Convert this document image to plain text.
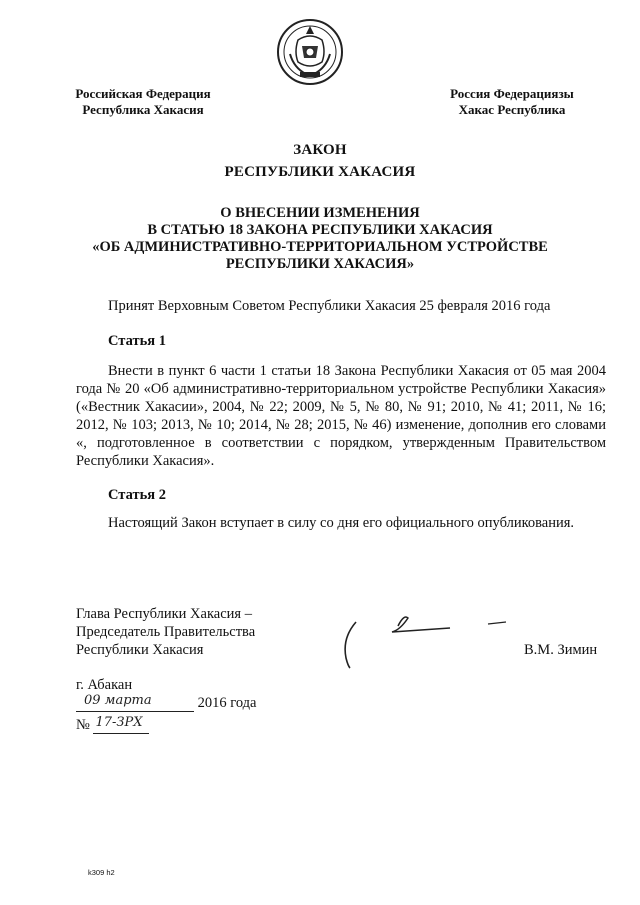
Российская Федерация
Республика Хакасия
Россия Федерациязы
Хакас Республика
ЗАКОН
РЕСПУБЛИКИ ХАКАСИЯ
О ВНЕСЕНИИ ИЗМЕНЕНИЯ
В СТАТЬЮ 18 ЗАКОНА РЕСПУБЛИКИ ХАКАСИЯ
«ОБ АДМИНИСТРАТИВНО-ТЕРРИТОРИАЛЬНОМ УСТРОЙСТВЕ
РЕСПУБЛИКИ ХАКАСИЯ»
Принят Верховным Советом Республики Хакасия 25 февраля 2016 года
Статья 1
Внести в пункт 6 части 1 статьи 18 Закона Республики Хакасия от 05 мая 2004 года № 20 «Об административно-территориальном устройстве Республики Хакасия» («Вестник Хакасии», 2004, № 22; 2009, № 5, № 80, № 91; 2010, № 41; 2011, № 16; 2012, № 103; 2013, № 10; 2014, № 28; 2015, № 46) изменение, дополнив его словами «, подготовленное в соответствии с порядком, утвержденным Правительством Республики Хакасия».
Статья 2
Настоящий Закон вступает в силу со дня его официального опубликования.
Глава Республики Хакасия –
Председатель Правительства
Республики Хакасия	В.М. Зимин
г. Абакан
09 марта	2016 года
№ 17-ЗРХ
k309 h2
